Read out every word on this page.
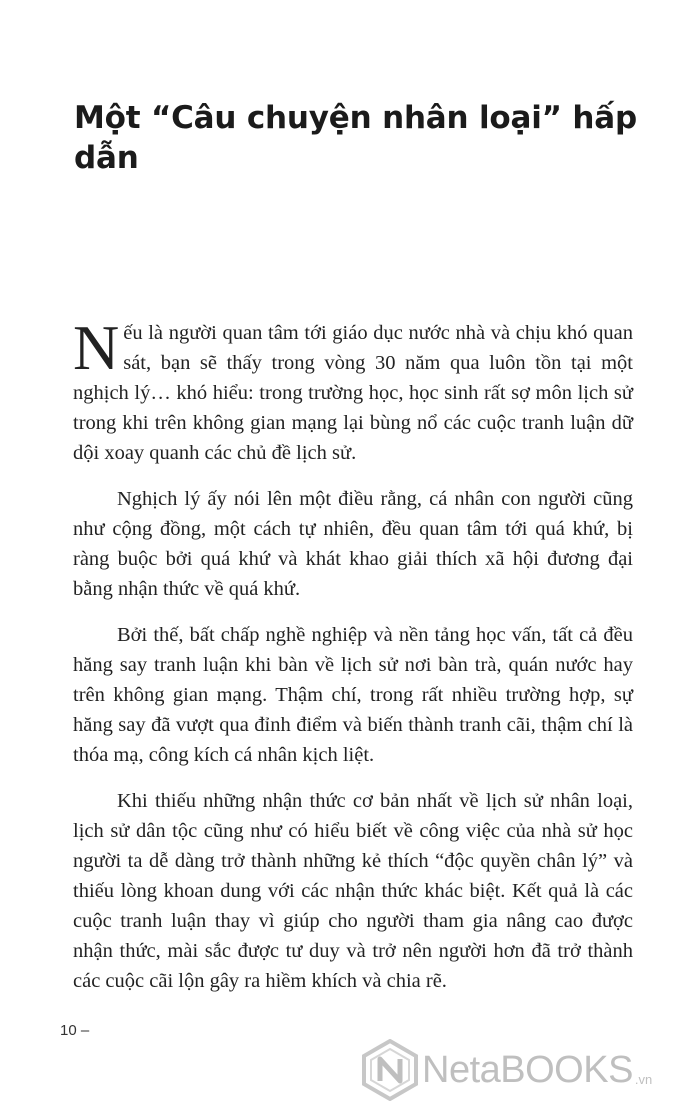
Một “Câu chuyện nhân loại” hấp dẫn

Nếu là người quan tâm tới giáo dục nước nhà và chịu khó quan sát, bạn sẽ thấy trong vòng 30 năm qua luôn tồn tại một nghịch lý… khó hiểu: trong trường học, học sinh rất sợ môn lịch sử trong khi trên không gian mạng lại bùng nổ các cuộc tranh luận dữ dội xoay quanh các chủ đề lịch sử.

Nghịch lý ấy nói lên một điều rằng, cá nhân con người cũng như cộng đồng, một cách tự nhiên, đều quan tâm tới quá khứ, bị ràng buộc bởi quá khứ và khát khao giải thích xã hội đương đại bằng nhận thức về quá khứ.

Bởi thế, bất chấp nghề nghiệp và nền tảng học vấn, tất cả đều hăng say tranh luận khi bàn về lịch sử nơi bàn trà, quán nước hay trên không gian mạng. Thậm chí, trong rất nhiều trường hợp, sự hăng say đã vượt qua đỉnh điểm và biến thành tranh cãi, thậm chí là thóa mạ, công kích cá nhân kịch liệt.

Khi thiếu những nhận thức cơ bản nhất về lịch sử nhân loại, lịch sử dân tộc cũng như có hiểu biết về công việc của nhà sử học người ta dễ dàng trở thành những kẻ thích “độc quyền chân lý” và thiếu lòng khoan dung với các nhận thức khác biệt. Kết quả là các cuộc tranh luận thay vì giúp cho người tham gia nâng cao được nhận thức, mài sắc được tư duy và trở nên người hơn đã trở thành các cuộc cãi lộn gây ra hiềm khích và chia rẽ.

10 –
NetaBOOKS .vn
